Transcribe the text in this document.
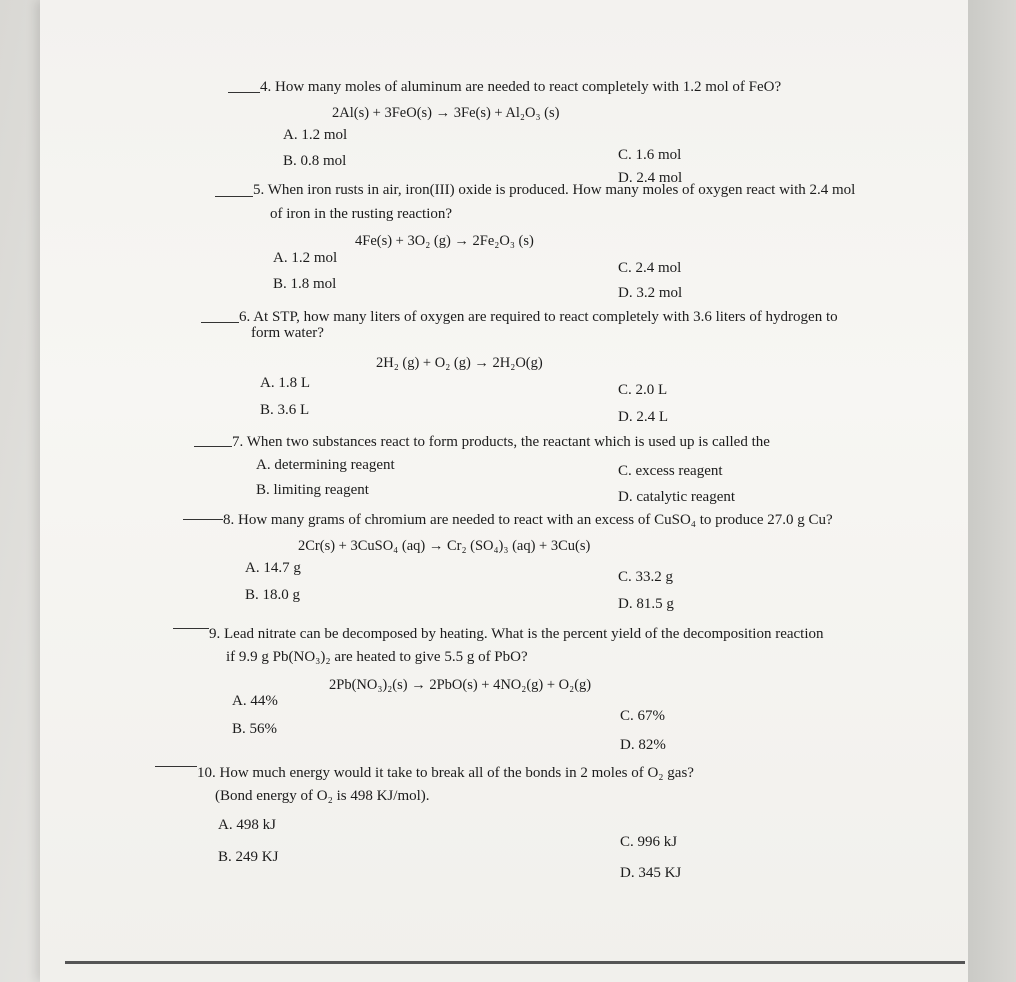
4. How many moles of aluminum are needed to react completely with 1.2 mol of FeO?
2Al(s) + 3FeO(s) → 3Fe(s) + Al₂O₃ (s)
A. 1.2 mol
B. 0.8 mol	C. 1.6 mol
D. 2.4 mol
5. When iron rusts in air, iron(III) oxide is produced. How many moles of oxygen react with 2.4 mol
of iron in the rusting reaction?
4Fe(s) + 3O₂ (g) → 2Fe₂O₃ (s)
A. 1.2 mol
B. 1.8 mol
C. 2.4 mol
D. 3.2 mol
6. At STP, how many liters of oxygen are required to react completely with 3.6 liters of hydrogen to
form water?
2H₂ (g) + O₂ (g) → 2H₂O(g)
A. 1.8 L
B. 3.6 L
C. 2.0 L
D. 2.4 L
7. When two substances react to form products, the reactant which is used up is called the
A. determining reagent
B. limiting reagent
C. excess reagent
D. catalytic reagent
8. How many grams of chromium are needed to react with an excess of CuSO₄ to produce 27.0 g Cu?
2Cr(s) + 3CuSO₄ (aq) → Cr₂ (SO₄)₃ (aq) + 3Cu(s)
A. 14.7 g
B. 18.0 g
C. 33.2 g
D. 81.5 g
9. Lead nitrate can be decomposed by heating. What is the percent yield of the decomposition reaction
if 9.9 g Pb(NO₃)₂ are heated to give 5.5 g of PbO?
2Pb(NO₃)₂(s) → 2PbO(s) + 4NO₂(g) + O₂(g)
A. 44%
B. 56%
C. 67%
D. 82%
10. How much energy would it take to break all of the bonds in 2 moles of O₂ gas?
(Bond energy of O₂ is 498 KJ/mol).
A. 498 kJ
B. 249 KJ
C. 996 kJ
D. 345 KJ
